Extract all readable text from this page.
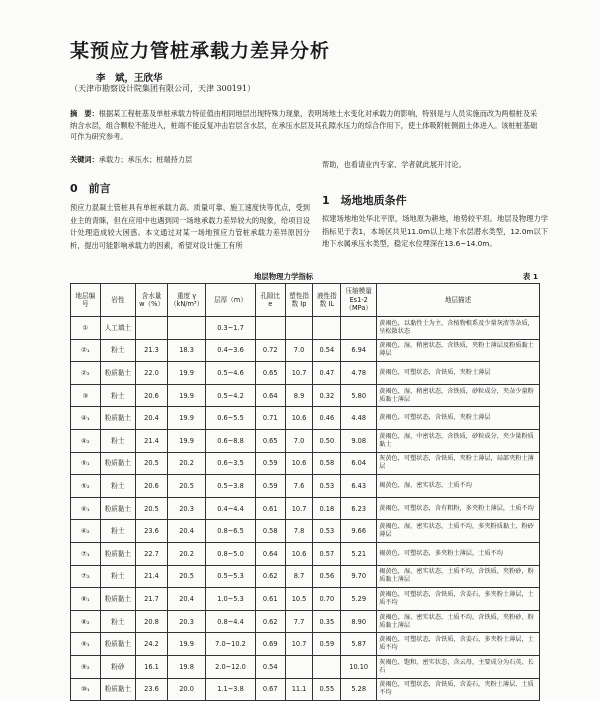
某预应力管桩承载力差异分析
李　斌，王欣华
（天津市勘察设计院集团有限公司，天津 300191）
摘　要：根据某工程桩基及单桩承载力特征值由相同地层出现特殊力现象，表明场地土水变化对承载力的影响，特别是与人员实施而改为两根桩及采纳含水层，组合颗粒不能进入，桩端不能反复冲击岩层含水层，在承压水层及其孔隙水压力的综合作用下，使土体吸附桩侧面土体进入。该桩桩基础可作为研究参考。
关键词：承载力；承压水；桩端持力层
帮助，也看请业内专家、学者就此展开讨论。
0　前言
1　场地地质条件
预应力混凝土管桩具有单桩承载力高、质量可靠、施工速度快等优点，受到业主的青睐，但在应用中也遇到同一场地承载力差异较大的现象，给项目设计处理造成较大困惑。本文通过对某一场地预应力管桩承载力差异原因分析，提出可能影响承载力的因素，希望对设计施工有所
拟建场地地处华北平原，场地原为耕地，地势较平坦。地层及物理力学指标见于表1，本场区共见11.0m以上地下水层潜水类型，12.0m以下地下水属承压水类型，稳定水位埋深在13.6~14.0m。
地层物理力学指标	表 1
地层编号	岩性	含水量 w（%）	重度 γ（kN/m³）	层厚（m）	孔隙比 e	塑性指数 Ip	液性指数 IL	压缩模量 Es1-2（MPa）	地层描述
①	人工填土			0.3~1.7					黄褐色，以黏性土为主，含植物根系及少量灰渣等杂质，呈松散状态
②₁	粉土	21.3	18.3	0.4~3.6	0.72	7.0	0.54	6.94	黄褐色，湿，稍密状态，含铁质，夹粉土薄层及粉质黏土薄层
②₂	粉质黏土	22.0	19.9	0.5~4.6	0.65	10.7	0.47	4.78	黄褐色，可塑状态，含铁质，夹粉土薄层
③	粉土	20.6	19.9	0.5~4.2	0.64	8.9	0.32	5.80	黄褐色，湿，稍密状态，含铁质，砂粒成分，夹杂少量粉质黏土薄层
④₁	粉质黏土	20.4	19.9	0.6~5.5	0.71	10.6	0.46	4.48	黄褐色，可塑状态，含铁质，夹粉土薄层
④₂	粉土	21.4	19.9	0.6~8.8	0.65	7.0	0.50	9.08	黄褐色，湿，中密状态，含铁质，砂粒成分，夹少量粉质黏土
⑤₁	粉质黏土	20.5	20.2	0.6~3.5	0.59	10.6	0.58	6.04	灰黄色，可塑状态，含铁质，夹粉土薄层，局部夹粉土薄层
⑤₂	粉土	20.6	20.5	0.5~3.8	0.59	7.6	0.53	6.43	褐黄色，湿，密实状态，土质不均
⑥₁	粉质黏土	20.5	20.3	0.4~4.4	0.61	10.7	0.18	6.23	黄褐色，可塑状态，含有粗粉，多夹粉土薄层，土质不均
⑥₂	粉土	23.6	20.4	0.8~6.5	0.58	7.8	0.53	9.66	黄褐色，湿，密实状态，土质不均，多夹粉质黏土，粉砂薄层
⑦₁	粉质黏土	22.7	20.2	0.8~5.0	0.64	10.6	0.57	5.21	褐黄色，可塑状态，多夹粉土薄层，土质不均
⑦₂	粉土	21.4	20.5	0.5~5.3	0.62	8.7	0.56	9.70	褐黄色，湿，密实状态，土质不均，含铁质，夹粉砂，粉质黏土薄层
⑧₁	粉质黏土	21.7	20.4	1.0~5.3	0.61	10.5	0.70	5.29	黄褐色，可塑状态，含铁质，含姜石，多夹粉土薄层，土质不均
⑧₂	粉土	20.8	20.3	0.8~4.4	0.62	7.7	0.35	8.90	黄褐色，湿，密实状态，土质不均，含铁质，夹粉砂、粉质黏土薄层
⑨₁	粉质黏土	24.2	19.9	7.0~10.2	0.69	10.7	0.59	5.87	黄褐色，可塑状态，含铁质，含姜石，多夹粉土薄层，土质不均
⑨₂	粉砂	16.1	19.8	2.0~12.0	0.54			10.10	灰褐色，饱和，密实状态，含云母，主要成分为石英、长石
⑩₁	粉质黏土	23.6	20.0	1.1~3.8	0.67	11.1	0.55	5.28	黄褐色，可塑状态，含铁质，含姜石，夹粉土薄层，土质不均
